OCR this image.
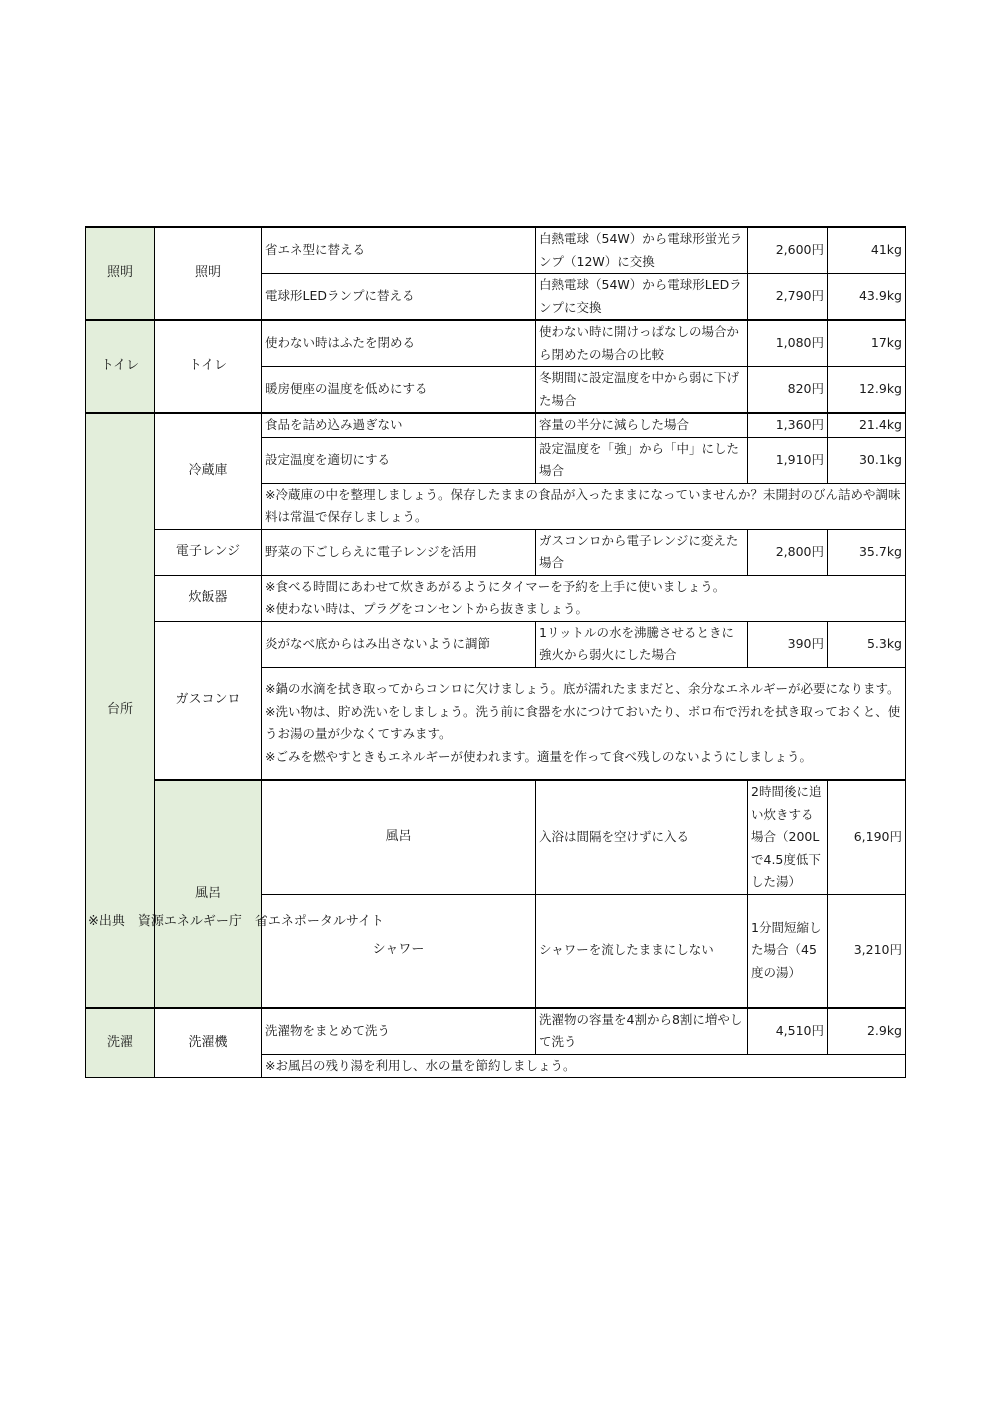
照明	照明	省エネ型に替える	白熱電球（54W）から電球形蛍光ランプ（12W）に交換	2,600円	41kg	
		電球形LEDランプに替える	白熱電球（54W）から電球形LEDランプに交換	2,790円	43.9kg	
トイレ	トイレ	使わない時はふたを閉める	使わない時に開けっぱなしの場合から閉めたの場合の比較	1,080円	17kg	
		暖房便座の温度を低めにする	冬期間に設定温度を中から弱に下げた場合	820円	12.9kg	
台所	冷蔵庫	食品を詰め込み過ぎない	容量の半分に減らした場合	1,360円	21.4kg	
		設定温度を適切にする	設定温度を「強」から「中」にした場合	1,910円	30.1kg	
		※冷蔵庫の中を整理しましょう。保存したままの食品が入ったままになっていませんか？未開封のびん詰めや調味料は常温で保存しましょう。				
	電子レンジ	野菜の下ごしらえに電子レンジを活用	ガスコンロから電子レンジに変えた場合	2,800円	35.7kg	
	炊飯器	※食べる時間にあわせて炊きあがるようにタイマーを予約を上手に使いましょう。
※使わない時は、プラグをコンセントから抜きましょう。				

	ガスコンロ	炎がなべ底からはみ出さないように調節	1リットルの水を沸騰させるときに強火から弱火にした場合	390円	5.3kg	

		※鍋の水滴を拭き取ってからコンロに欠けましょう。底が濡れたままだと、余分なエネルギーが必要になります。
※洗い物は、貯め洗いをしましょう。洗う前に食器を水につけておいたり、ボロ布で汚れを拭き取っておくと、使うお湯の量が少なくてすみます。
※ごみを燃やすときもエネルギーが使われます。適量を作って食べ残しのないようにしましょう。				

	風呂	風呂	入浴は間隔を空けずに入る	2時間後に追い炊きする場合（200Lで4.5度低下した湯）	6,190円	
		シャワー	シャワーを流したままにしない	1分間短縮した場合（45度の湯）	3,210円	
洗濯	洗濯機	洗濯物をまとめて洗う	洗濯物の容量を4割から8割に増やして洗う	4,510円	2.9kg	
		※お風呂の残り湯を利用し、水の量を節約しましょう。				
※出典　資源エネルギー庁　省エネポータルサイト
